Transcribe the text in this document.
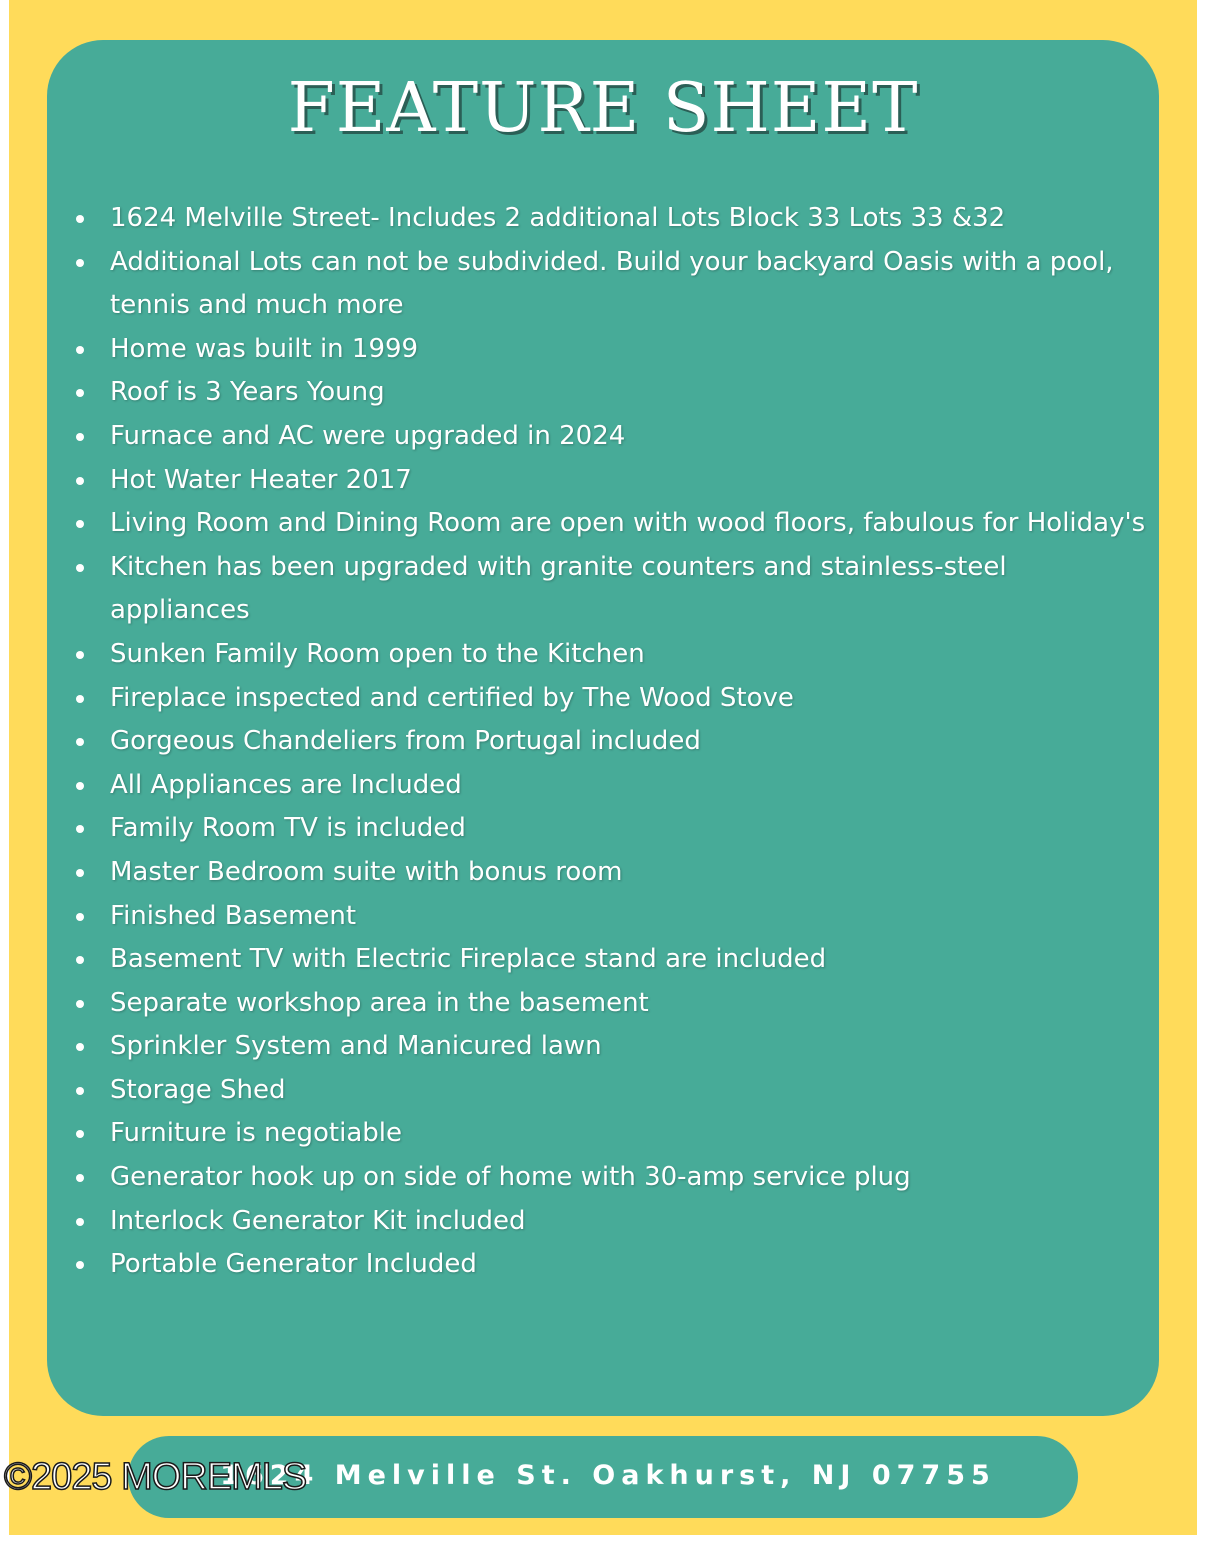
FEATURE SHEET
1624 Melville Street- Includes 2 additional Lots Block 33 Lots 33 &32
Additional Lots can not be subdivided. Build your backyard Oasis with a pool, tennis and much more
Home was built in 1999
Roof is 3 Years Young
Furnace and AC were upgraded in 2024
Hot Water Heater 2017
Living Room and Dining Room are open with wood floors, fabulous for Holiday's
Kitchen has been upgraded with granite counters and stainless-steel appliances
Sunken Family Room open to the Kitchen
Fireplace inspected and certified by The Wood Stove
Gorgeous Chandeliers from Portugal included
All Appliances are Included
Family Room TV is included
Master Bedroom suite with bonus room
Finished Basement
Basement TV with Electric Fireplace stand are included
Separate workshop area in the basement
Sprinkler System and Manicured lawn
Storage Shed
Furniture is negotiable
Generator hook up on side of home with 30-amp service plug
Interlock Generator Kit included
Portable Generator Included
1624 Melville St. Oakhurst, NJ 07755
©2025 MOREMLS
